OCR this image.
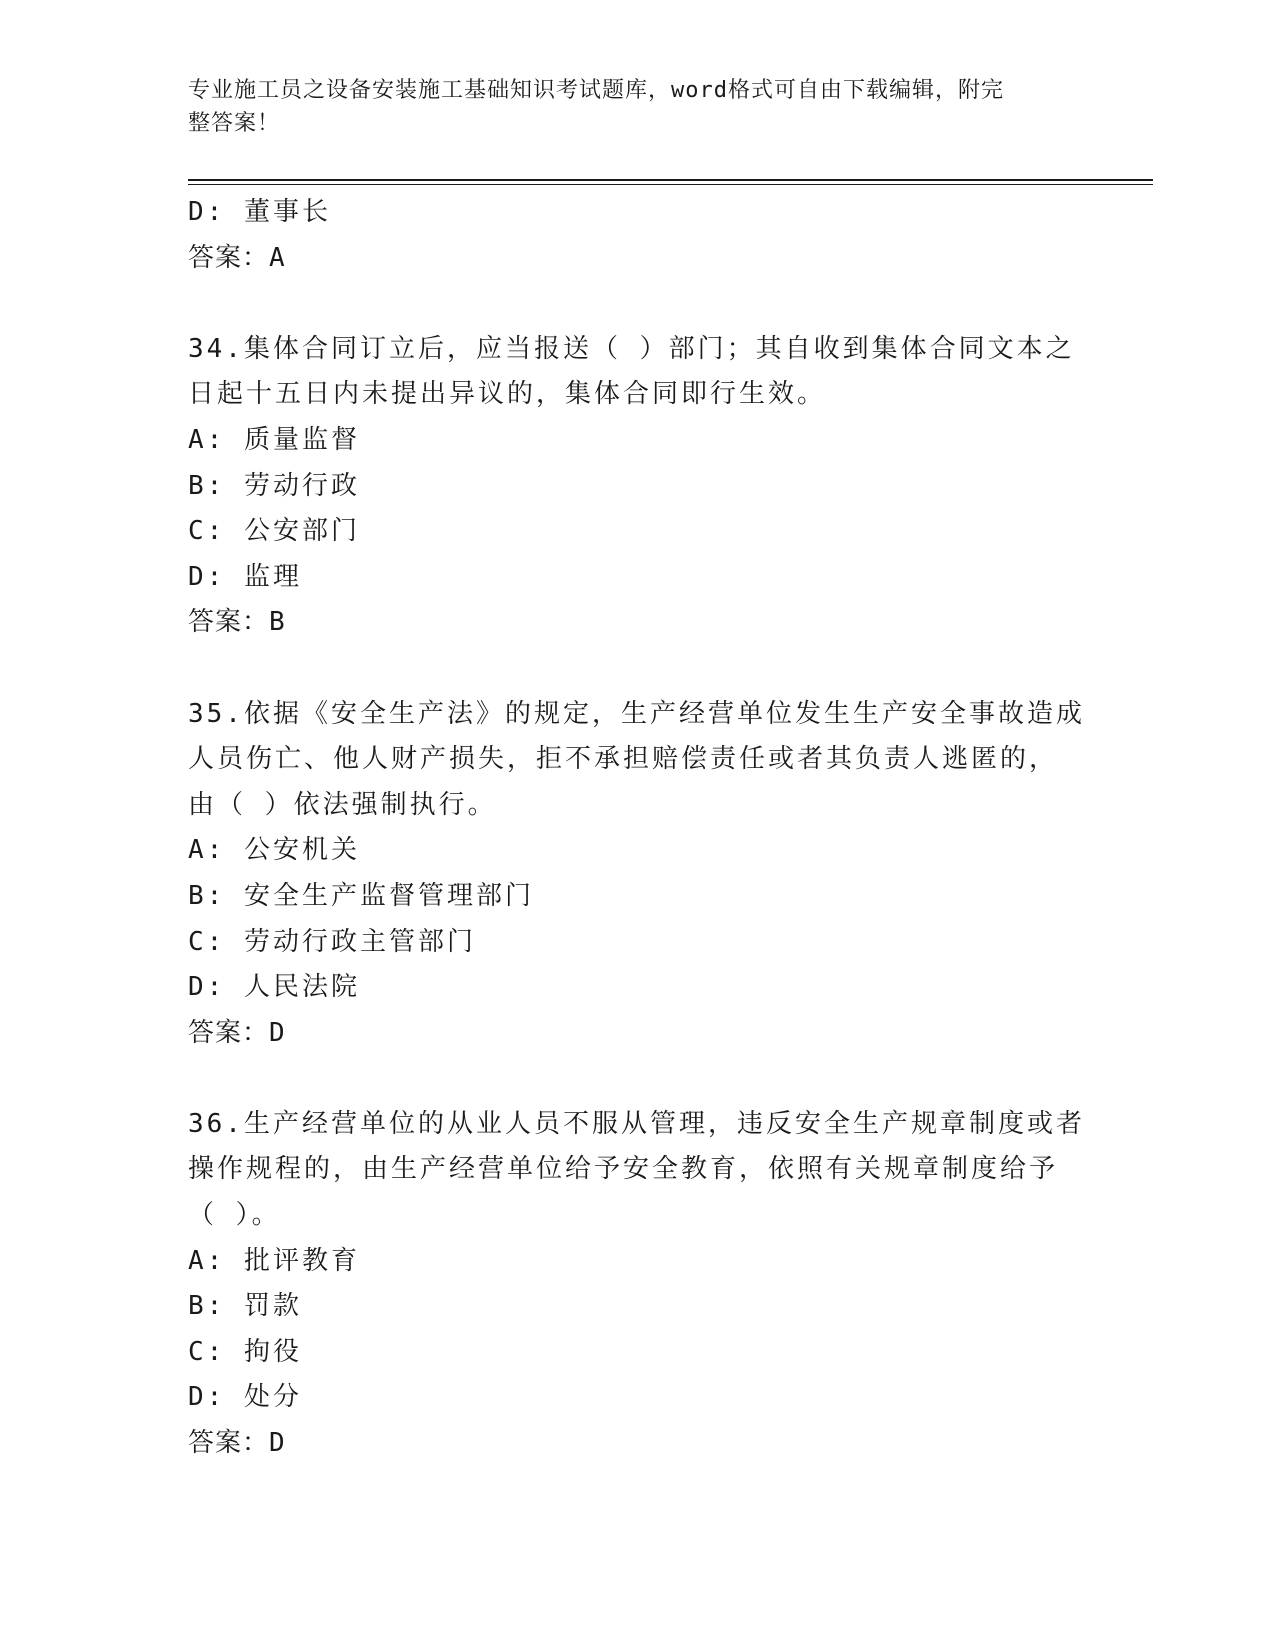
专业施工员之设备安装施工基础知识考试题库，word格式可自由下载编辑，附完
整答案！
D: 董事长
答案：A
34.集体合同订立后，应当报送（ ）部门；其自收到集体合同文本之
日起十五日内未提出异议的，集体合同即行生效。
A: 质量监督
B: 劳动行政
C: 公安部门
D: 监理
答案：B
35.依据《安全生产法》的规定，生产经营单位发生生产安全事故造成
人员伤亡、他人财产损失，拒不承担赔偿责任或者其负责人逃匿的，
由（ ）依法强制执行。
A: 公安机关
B: 安全生产监督管理部门
C: 劳动行政主管部门
D: 人民法院
答案：D
36.生产经营单位的从业人员不服从管理，违反安全生产规章制度或者
操作规程的，由生产经营单位给予安全教育，依照有关规章制度给予
（ ）。
A: 批评教育
B: 罚款
C: 拘役
D: 处分
答案：D
